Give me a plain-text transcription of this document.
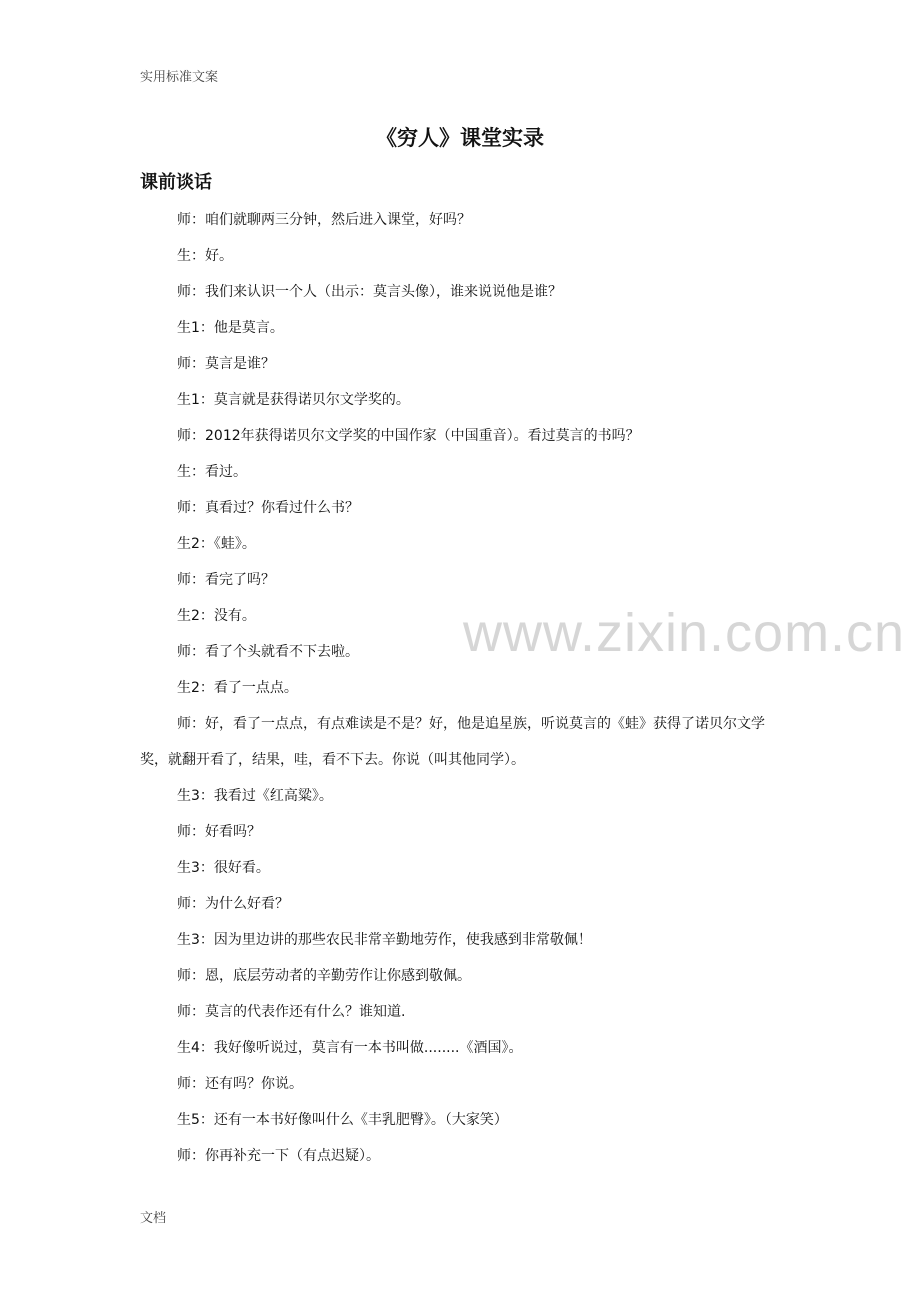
实用标准文案
《穷人》课堂实录
课前谈话

师：咱们就聊两三分钟，然后进入课堂，好吗？

生：好。

师：我们来认识一个人（出示：莫言头像），谁来说说他是谁？

生1：他是莫言。

师：莫言是谁？

生1：莫言就是获得诺贝尔文学奖的。

师：2012年获得诺贝尔文学奖的中国作家（中国重音）。看过莫言的书吗？

生：看过。

师：真看过？你看过什么书？

生2：《蛙》。

师：看完了吗？

生2：没有。

师：看了个头就看不下去啦。

生2：看了一点点。

师：好，看了一点点，有点难读是不是？好，他是追星族，听说莫言的《蛙》获得了诺贝尔文学奖，就翻开看了，结果，哇，看不下去。你说（叫其他同学）。

生3：我看过《红高粱》。

师：好看吗？

生3：很好看。

师：为什么好看？

生3：因为里边讲的那些农民非常辛勤地劳作，使我感到非常敬佩！

师：恩，底层劳动者的辛勤劳作让你感到敬佩。

师：莫言的代表作还有什么？谁知道.

生4：我好像听说过，莫言有一本书叫做........《酒国》。

师：还有吗？你说。

生5：还有一本书好像叫什么《丰乳肥臀》。（大家笑）

师：你再补充一下（有点迟疑）。

www.zixin.com.cn
文档
